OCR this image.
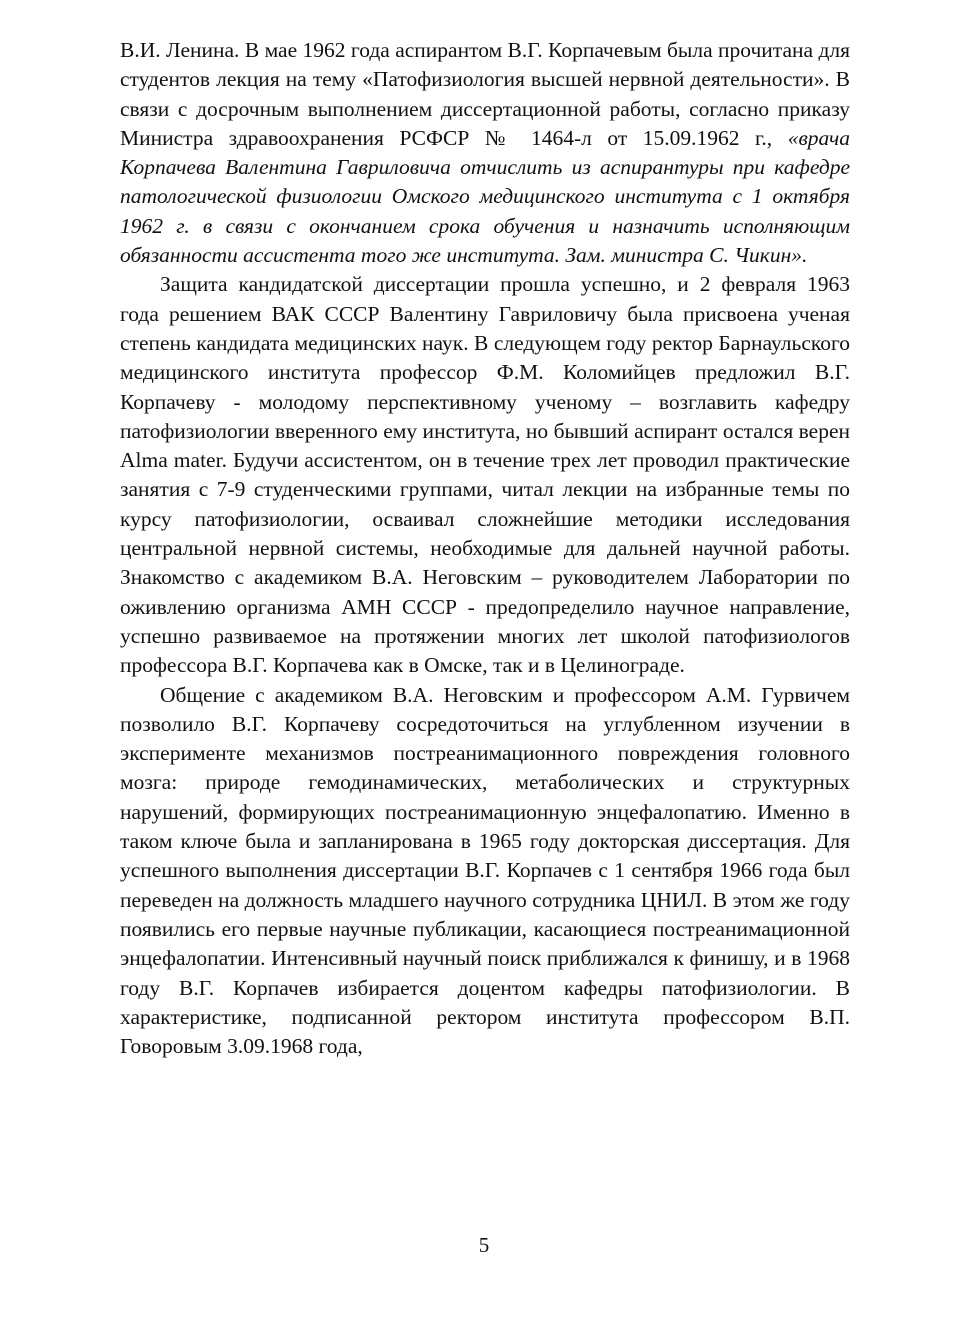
В.И. Ленина. В мае 1962 года аспирантом В.Г. Корпачевым была прочитана для студентов лекция на тему «Патофизиология высшей нервной деятельности». В связи с досрочным выполнением диссертационной работы, согласно приказу Министра здравоохранения РСФСР № 1464-л от 15.09.1962 г., «врача Корпачева Валентина Гавриловича отчислить из аспирантуры при кафедре патологической физиологии Омского медицинского института с 1 октября 1962 г. в связи с окончанием срока обучения и назначить исполняющим обязанности ассистента того же института. Зам. министра С. Чикин».

Защита кандидатской диссертации прошла успешно, и 2 февраля 1963 года решением ВАК СССР Валентину Гавриловичу была присвоена ученая степень кандидата медицинских наук. В следующем году ректор Барнаульского медицинского института профессор Ф.М. Коломийцев предложил В.Г. Корпачеву - молодому перспективному ученому – возглавить кафедру патофизиологии вверенного ему института, но бывший аспирант остался верен Alma mater. Будучи ассистентом, он в течение трех лет проводил практические занятия с 7-9 студенческими группами, читал лекции на избранные темы по курсу патофизиологии, осваивал сложнейшие методики исследования центральной нервной системы, необходимые для дальней научной работы. Знакомство с академиком В.А. Неговским – руководителем Лаборатории по оживлению организма АМН СССР - предопределило научное направление, успешно развиваемое на протяжении многих лет школой патофизиологов профессора В.Г. Корпачева как в Омске, так и в Целинограде.

Общение с академиком В.А. Неговским и профессором А.М. Гурвичем позволило В.Г. Корпачеву сосредоточиться на углубленном изучении в эксперименте механизмов постреанимационного повреждения головного мозга: природе гемодинамических, метаболических и структурных нарушений, формирующих постреанимационную энцефалопатию. Именно в таком ключе была и запланирована в 1965 году докторская диссертация. Для успешного выполнения диссертации В.Г. Корпачев с 1 сентября 1966 года был переведен на должность младшего научного сотрудника ЦНИЛ. В этом же году появились его первые научные публикации, касающиеся постреанимационной энцефалопатии. Интенсивный научный поиск приближался к финишу, и в 1968 году В.Г. Корпачев избирается доцентом кафедры патофизиологии. В характеристике, подписанной ректором института профессором В.П. Говоровым 3.09.1968 года,

5
